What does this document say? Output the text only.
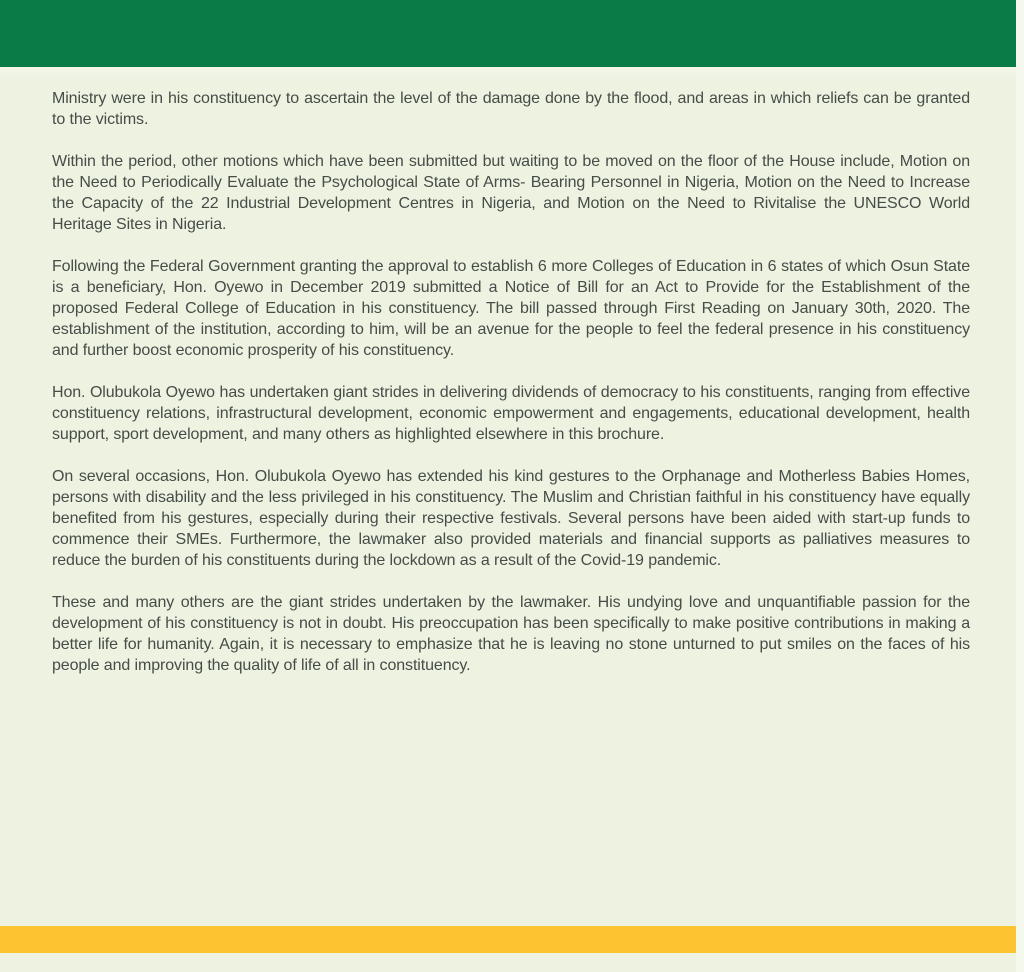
Ministry were in his constituency to ascertain the level of the damage done by the flood, and areas in which reliefs can be granted to the victims.

Within the period, other motions which have been submitted but waiting to be moved on the floor of the House include, Motion on the Need to Periodically Evaluate the Psychological State of Arms- Bearing Personnel in Nigeria, Motion on the Need to Increase the Capacity of the 22 Industrial Development Centres in Nigeria, and Motion on the Need to Rivitalise the UNESCO World Heritage Sites in Nigeria.

Following the Federal Government granting the approval to establish 6 more Colleges of Education in 6 states of which Osun State is a beneficiary, Hon. Oyewo in December 2019 submitted a Notice of Bill for an Act to Provide for the Establishment of the proposed Federal College of Education in his constituency. The bill passed through First Reading on January 30th, 2020. The establishment of the institution, according to him, will be an avenue for the people to feel the federal presence in his constituency and further boost economic prosperity of his constituency.

Hon. Olubukola Oyewo has undertaken giant strides in delivering dividends of democracy to his constituents, ranging from effective constituency relations, infrastructural development, economic empowerment and engagements, educational development, health support, sport development, and many others as highlighted elsewhere in this brochure.

On several occasions, Hon. Olubukola Oyewo has extended his kind gestures to the Orphanage and Motherless Babies Homes, persons with disability and the less privileged in his constituency. The Muslim and Christian faithful in his constituency have equally benefited from his gestures, especially during their respective festivals. Several persons have been aided with start-up funds to commence their SMEs. Furthermore, the lawmaker also provided materials and financial supports as palliatives measures to reduce the burden of his constituents during the lockdown as a result of the Covid-19 pandemic.

These and many others are the giant strides undertaken by the lawmaker. His undying love and unquantifiable passion for the development of his constituency is not in doubt. His preoccupation has been specifically to make positive contributions in making a better life for humanity. Again, it is necessary to emphasize that he is leaving no stone unturned to put smiles on the faces of his people and improving the quality of life of all in constituency.
